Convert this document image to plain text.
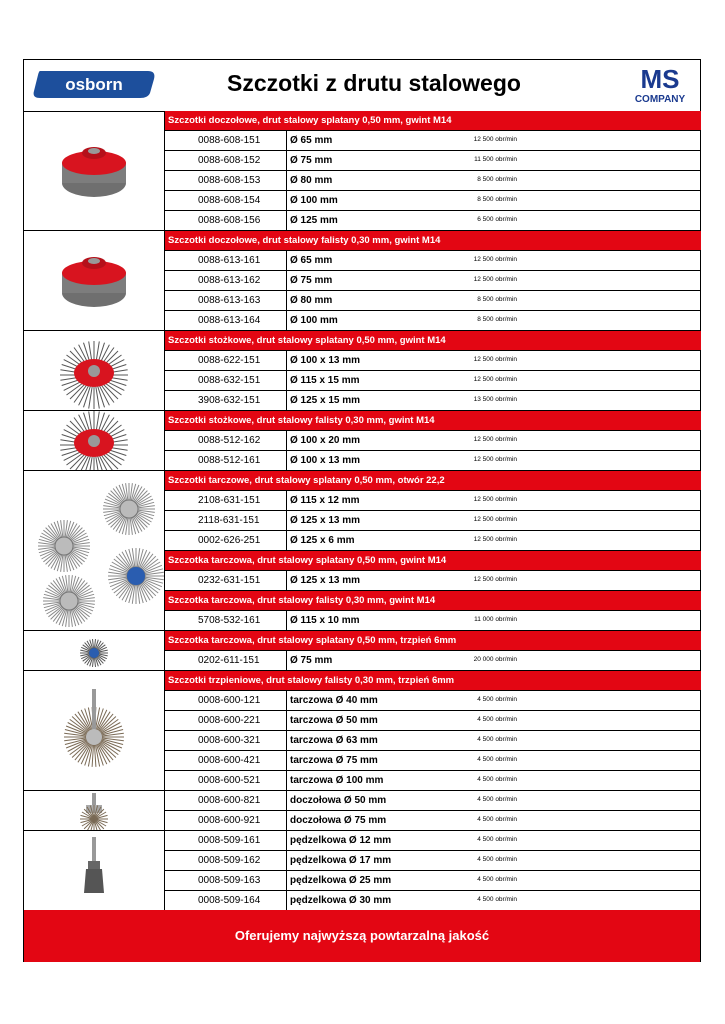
osborn	Szczotki z drutu stalowego	MS
COMPANY
Szczotki doczołowe, drut stalowy splatany 0,50 mm, gwint M14
0088-608-151	Ø 65 mm	12 500 obr/min
0088-608-152	Ø 75 mm	11 500 obr/min
0088-608-153	Ø 80 mm	8 500 obr/min
0088-608-154	Ø 100 mm	8 500 obr/min
0088-608-156	Ø 125 mm	6 500 obr/min
Szczotki doczołowe, drut stalowy falisty 0,30 mm, gwint M14
0088-613-161	Ø 65 mm	12 500 obr/min
0088-613-162	Ø 75 mm	12 500 obr/min
0088-613-163	Ø 80 mm	8 500 obr/min
0088-613-164	Ø 100 mm	8 500 obr/min
Szczotki stożkowe, drut stalowy splatany 0,50 mm, gwint M14
0088-622-151	Ø 100 x 13 mm	12 500 obr/min
0088-632-151	Ø 115 x 15 mm	12 500 obr/min
3908-632-151	Ø 125 x 15 mm	13 500 obr/min
Szczotki stożkowe, drut stalowy falisty 0,30 mm, gwint M14
0088-512-162	Ø 100 x 20 mm	12 500 obr/min
0088-512-161	Ø 100 x 13 mm	12 500 obr/min
Szczotki tarczowe, drut stalowy splatany 0,50 mm, otwór 22,2
2108-631-151	Ø 115 x 12 mm	12 500 obr/min
2118-631-151	Ø 125 x 13 mm	12 500 obr/min
0002-626-251	Ø 125 x 6 mm	12 500 obr/min
Szczotka tarczowa, drut stalowy splatany 0,50 mm, gwint M14
0232-631-151	Ø 125 x 13 mm	12 500 obr/min
Szczotka tarczowa, drut stalowy falisty 0,30 mm, gwint M14
5708-532-161	Ø 115 x 10 mm	11 000 obr/min
Szczotka tarczowa, drut stalowy splatany 0,50 mm, trzpień 6mm
0202-611-151	Ø 75 mm	20 000 obr/min
Szczotki trzpieniowe, drut stalowy falisty 0,30 mm, trzpień 6mm
0008-600-121	tarczowa Ø 40 mm	4 500 obr/min
0008-600-221	tarczowa Ø 50 mm	4 500 obr/min
0008-600-321	tarczowa Ø 63 mm	4 500 obr/min
0008-600-421	tarczowa Ø 75 mm	4 500 obr/min
0008-600-521	tarczowa Ø 100 mm	4 500 obr/min
0008-600-821	doczołowa Ø 50 mm	4 500 obr/min
0008-600-921	doczołowa Ø 75 mm	4 500 obr/min
0008-509-161	pędzelkowa Ø 12 mm	4 500 obr/min
0008-509-162	pędzelkowa Ø 17 mm	4 500 obr/min
0008-509-163	pędzelkowa Ø 25 mm	4 500 obr/min
0008-509-164	pędzelkowa Ø 30 mm	4 500 obr/min
Oferujemy najwyższą powtarzalną jakość
